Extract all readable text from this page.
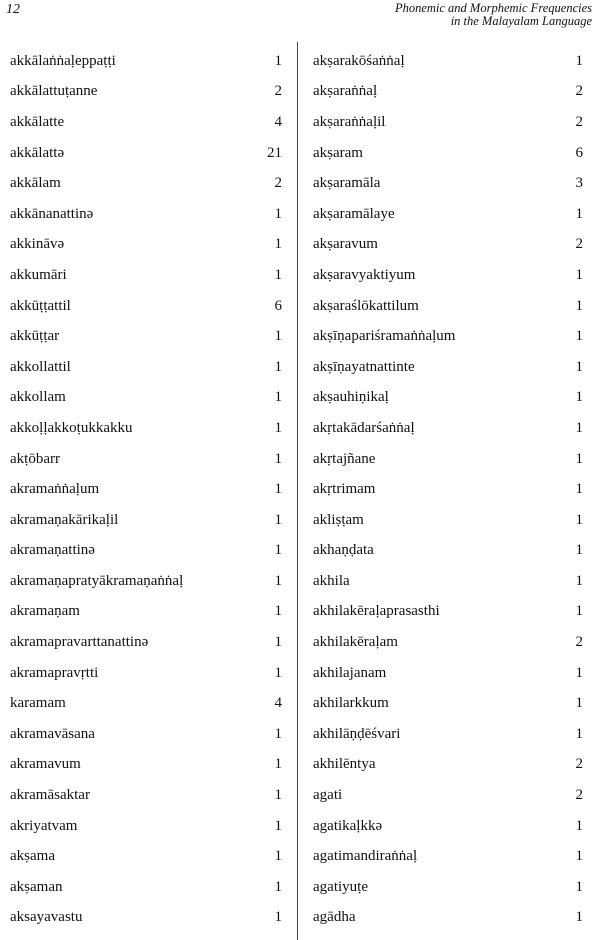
12	Phonemic and Morphemic Frequencies
in the Malayalam Language
akkālaṅṅaḷeppaṭṭi	1
akkālattuṭanne	2
akkālatte	4
akkālattə	21
akkālam	2
akkānanattinə	1
akkināvə	1
akkumāri	1
akkūṭṭattil	6
akkūṭṭar	1
akkollattil	1
akkollam	1
akkoḷḷakkoṭukkakku	1
akṭōbarr	1
akramaṅṅaḷum	1
akramaṇakārikaḷil	1
akramaṇattinə	1
akramaṇapratyākramaṇaṅṅaḷ	1
akramaṇam	1
akramapravarttanattinə	1
akramapravṛtti	1
karamam	4
akramavāsana	1
akramavum	1
akramāsaktar	1
akriyatvam	1
akṣama	1
akṣaman	1
aksayavastu	1
akṣarakōśaṅṅaḷ	1
akṣaraṅṅaḷ	2
akṣaraṅṅaḷil	2
akṣaram	6
akṣaramāla	3
akṣaramālaye	1
akṣaravum	2
akṣaravyaktiyum	1
akṣaraślōkattilum	1
akṣīṇapariśramaṅṅaḷum	1
akṣīṇayatnattinte	1
akṣauhiṇikaḷ	1
akṛtakādarśaṅṅaḷ	1
akṛtajñane	1
akṛtrimam	1
akliṣṭam	1
akhaṇḍata	1
akhila	1
akhilakēraḷaprasasthi	1
akhilakēraḷam	2
akhilajanam	1
akhilarkkum	1
akhilāṇḍēśvari	1
akhilēntya	2
agati	2
agatikaḷkkə	1
agatimandiraṅṅaḷ	1
agatiyuṭe	1
agādha	1
